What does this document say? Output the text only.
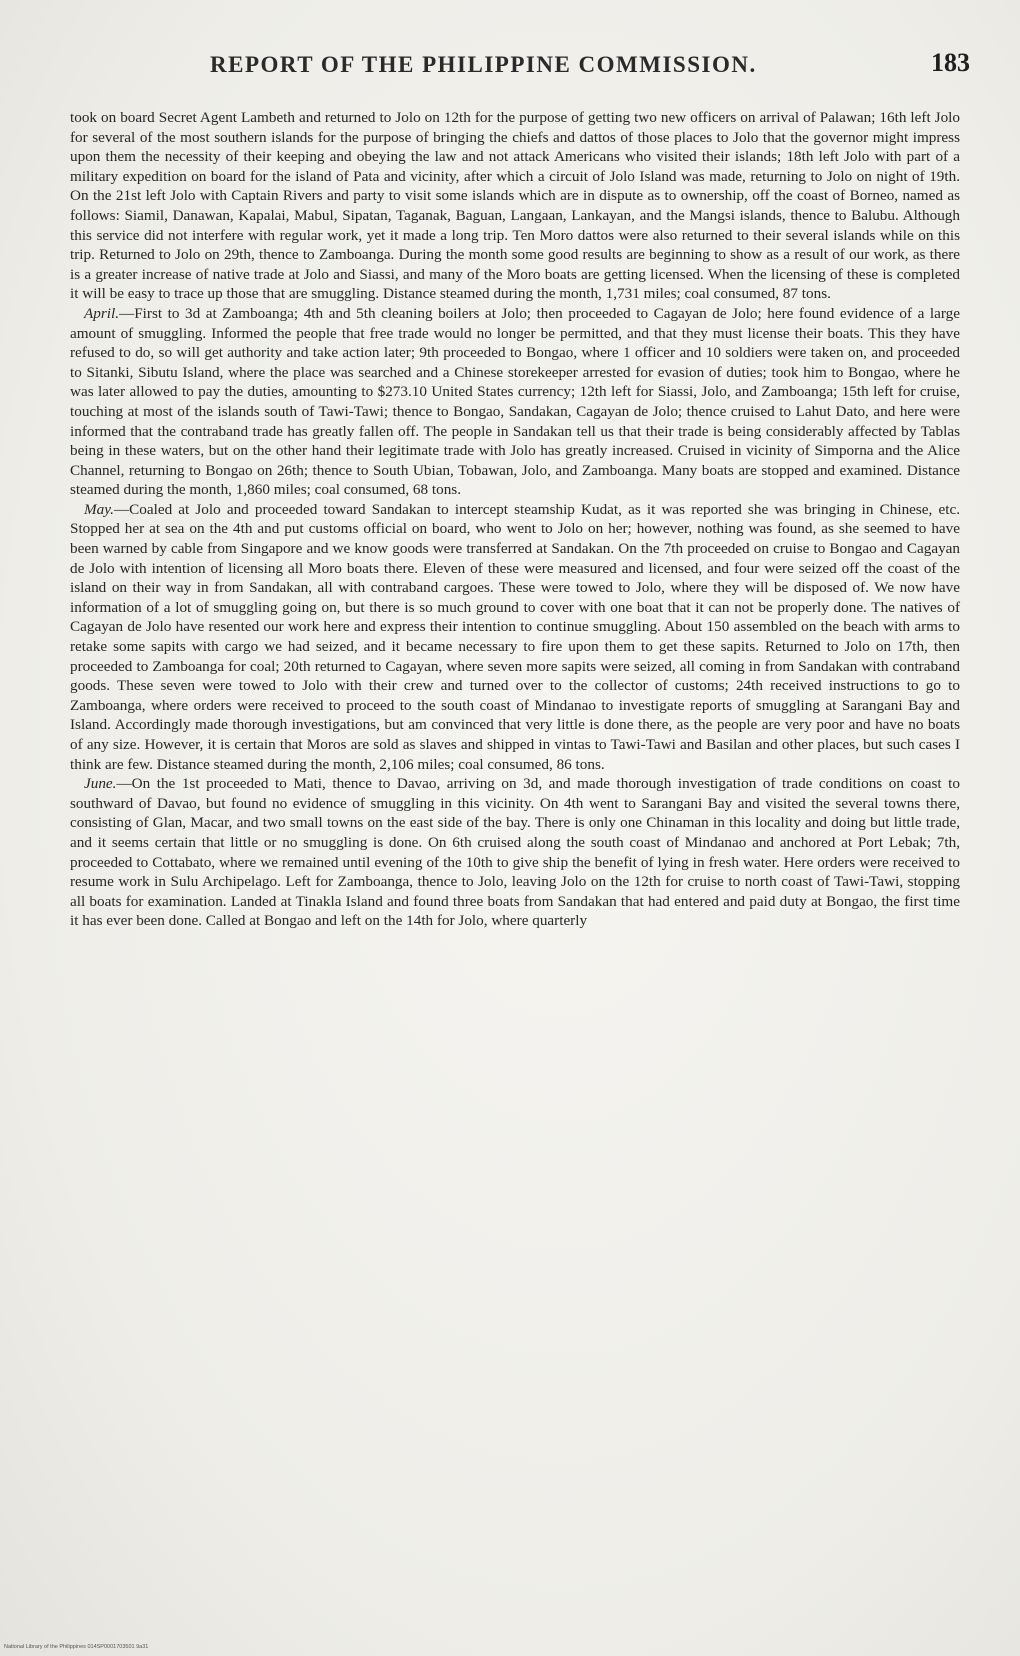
REPORT OF THE PHILIPPINE COMMISSION.	183

took on board Secret Agent Lambeth and returned to Jolo on 12th for the purpose of getting two new officers on arrival of Palawan; 16th left Jolo for several of the most southern islands for the purpose of bringing the chiefs and dattos of those places to Jolo that the governor might impress upon them the necessity of their keeping and obeying the law and not attack Americans who visited their islands; 18th left Jolo with part of a military expedition on board for the island of Pata and vicinity, after which a circuit of Jolo Island was made, returning to Jolo on night of 19th. On the 21st left Jolo with Captain Rivers and party to visit some islands which are in dispute as to ownership, off the coast of Borneo, named as follows: Siamil, Danawan, Kapalai, Mabul, Sipatan, Taganak, Baguan, Langaan, Lankayan, and the Mangsi islands, thence to Balubu. Although this service did not interfere with regular work, yet it made a long trip. Ten Moro dattos were also returned to their several islands while on this trip. Returned to Jolo on 29th, thence to Zamboanga. During the month some good results are beginning to show as a result of our work, as there is a greater increase of native trade at Jolo and Siassi, and many of the Moro boats are getting licensed. When the licensing of these is completed it will be easy to trace up those that are smuggling. Distance steamed during the month, 1,731 miles; coal consumed, 87 tons.

April.—First to 3d at Zamboanga; 4th and 5th cleaning boilers at Jolo; then proceeded to Cagayan de Jolo; here found evidence of a large amount of smuggling. Informed the people that free trade would no longer be permitted, and that they must license their boats. This they have refused to do, so will get authority and take action later; 9th proceeded to Bongao, where 1 officer and 10 soldiers were taken on, and proceeded to Sitanki, Sibutu Island, where the place was searched and a Chinese storekeeper arrested for evasion of duties; took him to Bongao, where he was later allowed to pay the duties, amounting to $273.10 United States currency; 12th left for Siassi, Jolo, and Zamboanga; 15th left for cruise, touching at most of the islands south of Tawi-Tawi; thence to Bongao, Sandakan, Cagayan de Jolo; thence cruised to Lahut Dato, and here were informed that the contraband trade has greatly fallen off. The people in Sandakan tell us that their trade is being considerably affected by Tablas being in these waters, but on the other hand their legitimate trade with Jolo has greatly increased. Cruised in vicinity of Simporna and the Alice Channel, returning to Bongao on 26th; thence to South Ubian, Tobawan, Jolo, and Zamboanga. Many boats are stopped and examined. Distance steamed during the month, 1,860 miles; coal consumed, 68 tons.

May.—Coaled at Jolo and proceeded toward Sandakan to intercept steamship Kudat, as it was reported she was bringing in Chinese, etc. Stopped her at sea on the 4th and put customs official on board, who went to Jolo on her; however, nothing was found, as she seemed to have been warned by cable from Singapore and we know goods were transferred at Sandakan. On the 7th proceeded on cruise to Bongao and Cagayan de Jolo with intention of licensing all Moro boats there. Eleven of these were measured and licensed, and four were seized off the coast of the island on their way in from Sandakan, all with contraband cargoes. These were towed to Jolo, where they will be disposed of. We now have information of a lot of smuggling going on, but there is so much ground to cover with one boat that it can not be properly done. The natives of Cagayan de Jolo have resented our work here and express their intention to continue smuggling. About 150 assembled on the beach with arms to retake some sapits with cargo we had seized, and it became necessary to fire upon them to get these sapits. Returned to Jolo on 17th, then proceeded to Zamboanga for coal; 20th returned to Cagayan, where seven more sapits were seized, all coming in from Sandakan with contraband goods. These seven were towed to Jolo with their crew and turned over to the collector of customs; 24th received instructions to go to Zamboanga, where orders were received to proceed to the south coast of Mindanao to investigate reports of smuggling at Sarangani Bay and Island. Accordingly made thorough investigations, but am convinced that very little is done there, as the people are very poor and have no boats of any size. However, it is certain that Moros are sold as slaves and shipped in vintas to Tawi-Tawi and Basilan and other places, but such cases I think are few. Distance steamed during the month, 2,106 miles; coal consumed, 86 tons.

June.—On the 1st proceeded to Mati, thence to Davao, arriving on 3d, and made thorough investigation of trade conditions on coast to southward of Davao, but found no evidence of smuggling in this vicinity. On 4th went to Sarangani Bay and visited the several towns there, consisting of Glan, Macar, and two small towns on the east side of the bay. There is only one Chinaman in this locality and doing but little trade, and it seems certain that little or no smuggling is done. On 6th cruised along the south coast of Mindanao and anchored at Port Lebak; 7th, proceeded to Cottabato, where we remained until evening of the 10th to give ship the benefit of lying in fresh water. Here orders were received to resume work in Sulu Archipelago. Left for Zamboanga, thence to Jolo, leaving Jolo on the 12th for cruise to north coast of Tawi-Tawi, stopping all boats for examination. Landed at Tinakla Island and found three boats from Sandakan that had entered and paid duty at Bongao, the first time it has ever been done. Called at Bongao and left on the 14th for Jolo, where quarterly

National Library of the Philippines 014SP0001703501 9a31
